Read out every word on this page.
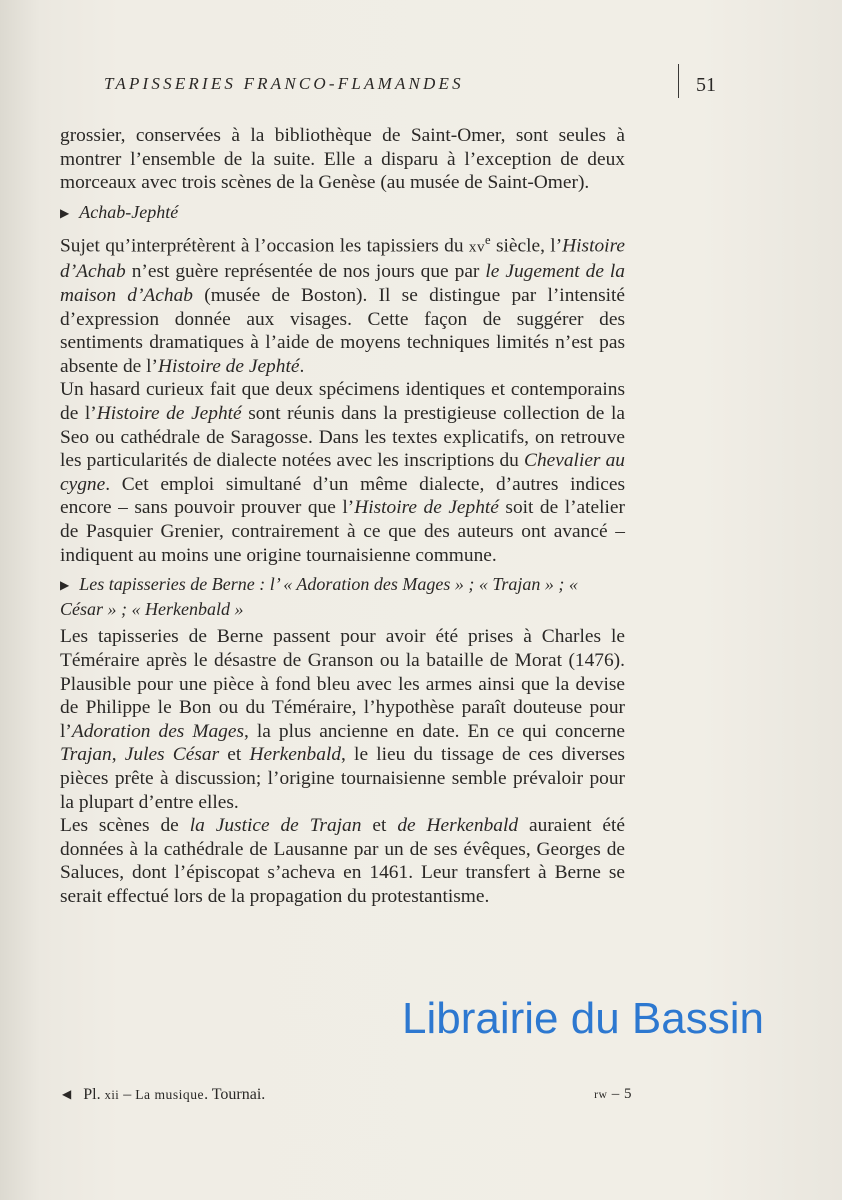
TAPISSERIES FRANCO-FLAMANDES	51

grossier, conservées à la bibliothèque de Saint-Omer, sont seules à montrer l’ensemble de la suite. Elle a disparu à l’exception de deux morceaux avec trois scènes de la Genèse (au musée de Saint-Omer).

▶ Achab-Jephté

Sujet qu’interprétèrent à l’occasion les tapissiers du $xv^e$ siècle, l’Histoire d’Achab n’est guère représentée de nos jours que par le Jugement de la maison d’Achab (musée de Boston). Il se distingue par l’intensité d’expression donnée aux visages. Cette façon de suggérer des sentiments dramatiques à l’aide de moyens techniques limités n’est pas absente de l’Histoire de Jephté.

Un hasard curieux fait que deux spécimens identiques et contemporains de l’Histoire de Jephté sont réunis dans la prestigieuse collection de la Seo ou cathédrale de Saragosse. Dans les textes explicatifs, on retrouve les particularités de dialecte notées avec les inscriptions du Chevalier au cygne. Cet emploi simultané d’un même dialecte, d’autres indices encore – sans pouvoir prouver que l’Histoire de Jephté soit de l’atelier de Pasquier Grenier, contrairement à ce que des auteurs ont avancé – indiquent au moins une origine tournaisienne commune.

▶ Les tapisseries de Berne : l’ « Adoration des Mages » ; « Trajan » ; « César » ; « Herkenbald »

Les tapisseries de Berne passent pour avoir été prises à Charles le Téméraire après le désastre de Granson ou la bataille de Morat (1476). Plausible pour une pièce à fond bleu avec les armes ainsi que la devise de Philippe le Bon ou du Téméraire, l’hypothèse paraît douteuse pour l’Adoration des Mages, la plus ancienne en date. En ce qui concerne Trajan, Jules César et Herkenbald, le lieu du tissage de ces diverses pièces prête à discussion; l’origine tournaisienne semble prévaloir pour la plupart d’entre elles.

Les scènes de la Justice de Trajan et de Herkenbald auraient été données à la cathédrale de Lausanne par un de ses évêques, Georges de Saluces, dont l’épiscopat s’acheva en 1461. Leur transfert à Berne se serait effectué lors de la propagation du protestantisme.

◀ Pl. xii – La musique. Tournai.	rw – 5
Librairie du Bassin
